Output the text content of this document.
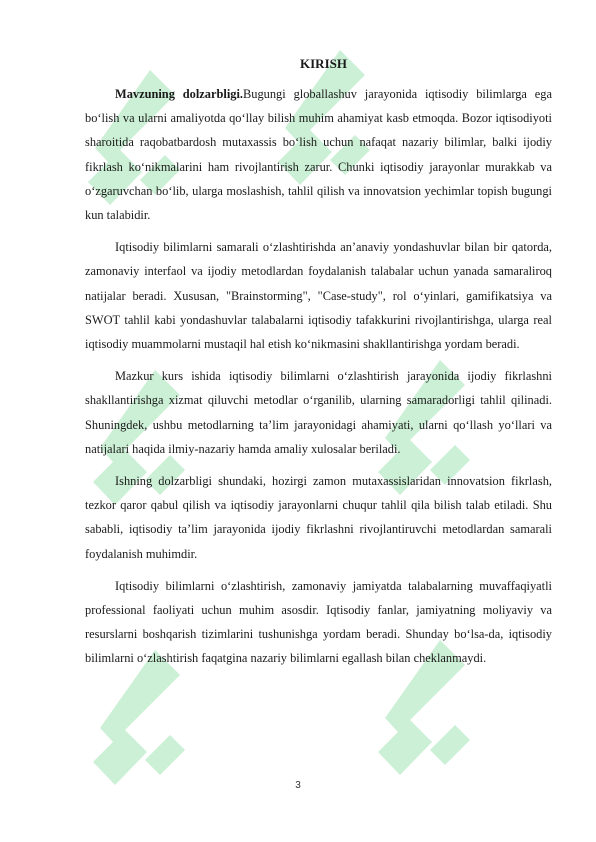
KIRISH

Mavzuning dolzarbligi.Bugungi globallashuv jarayonida iqtisodiy bilimlarga ega bo‘lish va ularni amaliyotda qo‘llay bilish muhim ahamiyat kasb etmoqda. Bozor iqtisodiyoti sharoitida raqobatbardosh mutaxassis bo‘lish uchun nafaqat nazariy bilimlar, balki ijodiy fikrlash ko‘nikmalarini ham rivojlantirish zarur. Chunki iqtisodiy jarayonlar murakkab va o‘zgaruvchan bo‘lib, ularga moslashish, tahlil qilish va innovatsion yechimlar topish bugungi kun talabidir.

Iqtisodiy bilimlarni samarali o‘zlashtirishda an’anaviy yondashuvlar bilan bir qatorda, zamonaviy interfaol va ijodiy metodlardan foydalanish talabalar uchun yanada samaraliroq natijalar beradi. Xususan, "Brainstorming", "Case-study", rol o‘yinlari, gamifikatsiya va SWOT tahlil kabi yondashuvlar talabalarni iqtisodiy tafakkurini rivojlantirishga, ularga real iqtisodiy muammolarni mustaqil hal etish ko‘nikmasini shakllantirishga yordam beradi.

Mazkur kurs ishida iqtisodiy bilimlarni o‘zlashtirish jarayonida ijodiy fikrlashni shakllantirishga xizmat qiluvchi metodlar o‘rganilib, ularning samaradorligi tahlil qilinadi. Shuningdek, ushbu metodlarning ta’lim jarayonidagi ahamiyati, ularni qo‘llash yo‘llari va natijalari haqida ilmiy-nazariy hamda amaliy xulosalar beriladi.

Ishning dolzarbligi shundaki, hozirgi zamon mutaxassislaridan innovatsion fikrlash, tezkor qaror qabul qilish va iqtisodiy jarayonlarni chuqur tahlil qila bilish talab etiladi. Shu sababli, iqtisodiy ta’lim jarayonida ijodiy fikrlashni rivojlantiruvchi metodlardan samarali foydalanish muhimdir.

Iqtisodiy bilimlarni o‘zlashtirish, zamonaviy jamiyatda talabalarning muvaffaqiyatli professional faoliyati uchun muhim asosdir. Iqtisodiy fanlar, jamiyatning moliyaviy va resurslarni boshqarish tizimlarini tushunishga yordam beradi. Shunday bo‘lsa-da, iqtisodiy bilimlarni o‘zlashtirish faqatgina nazariy bilimlarni egallash bilan cheklanmaydi.

3
